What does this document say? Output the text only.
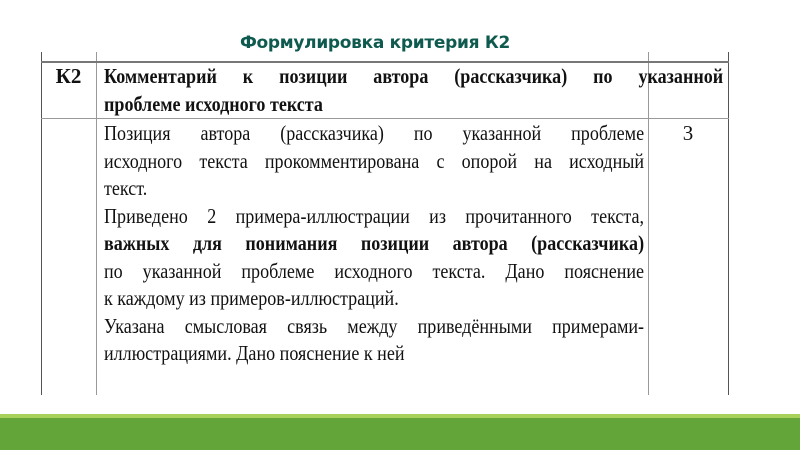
Формулировка критерия К2
К2	Комментарий к позиции автора (рассказчика) по указанной
проблеме исходного текста
Позиция автора (рассказчика) по указанной проблеме
исходного текста прокомментирована с опорой на исходный
текст.
Приведено 2 примера-иллюстрации из прочитанного текста,
важных для понимания позиции автора (рассказчика)
по указанной проблеме исходного текста. Дано пояснение
к каждому из примеров-иллюстраций.
Указана смысловая связь между приведёнными примерами-
иллюстрациями. Дано пояснение к ней
3
